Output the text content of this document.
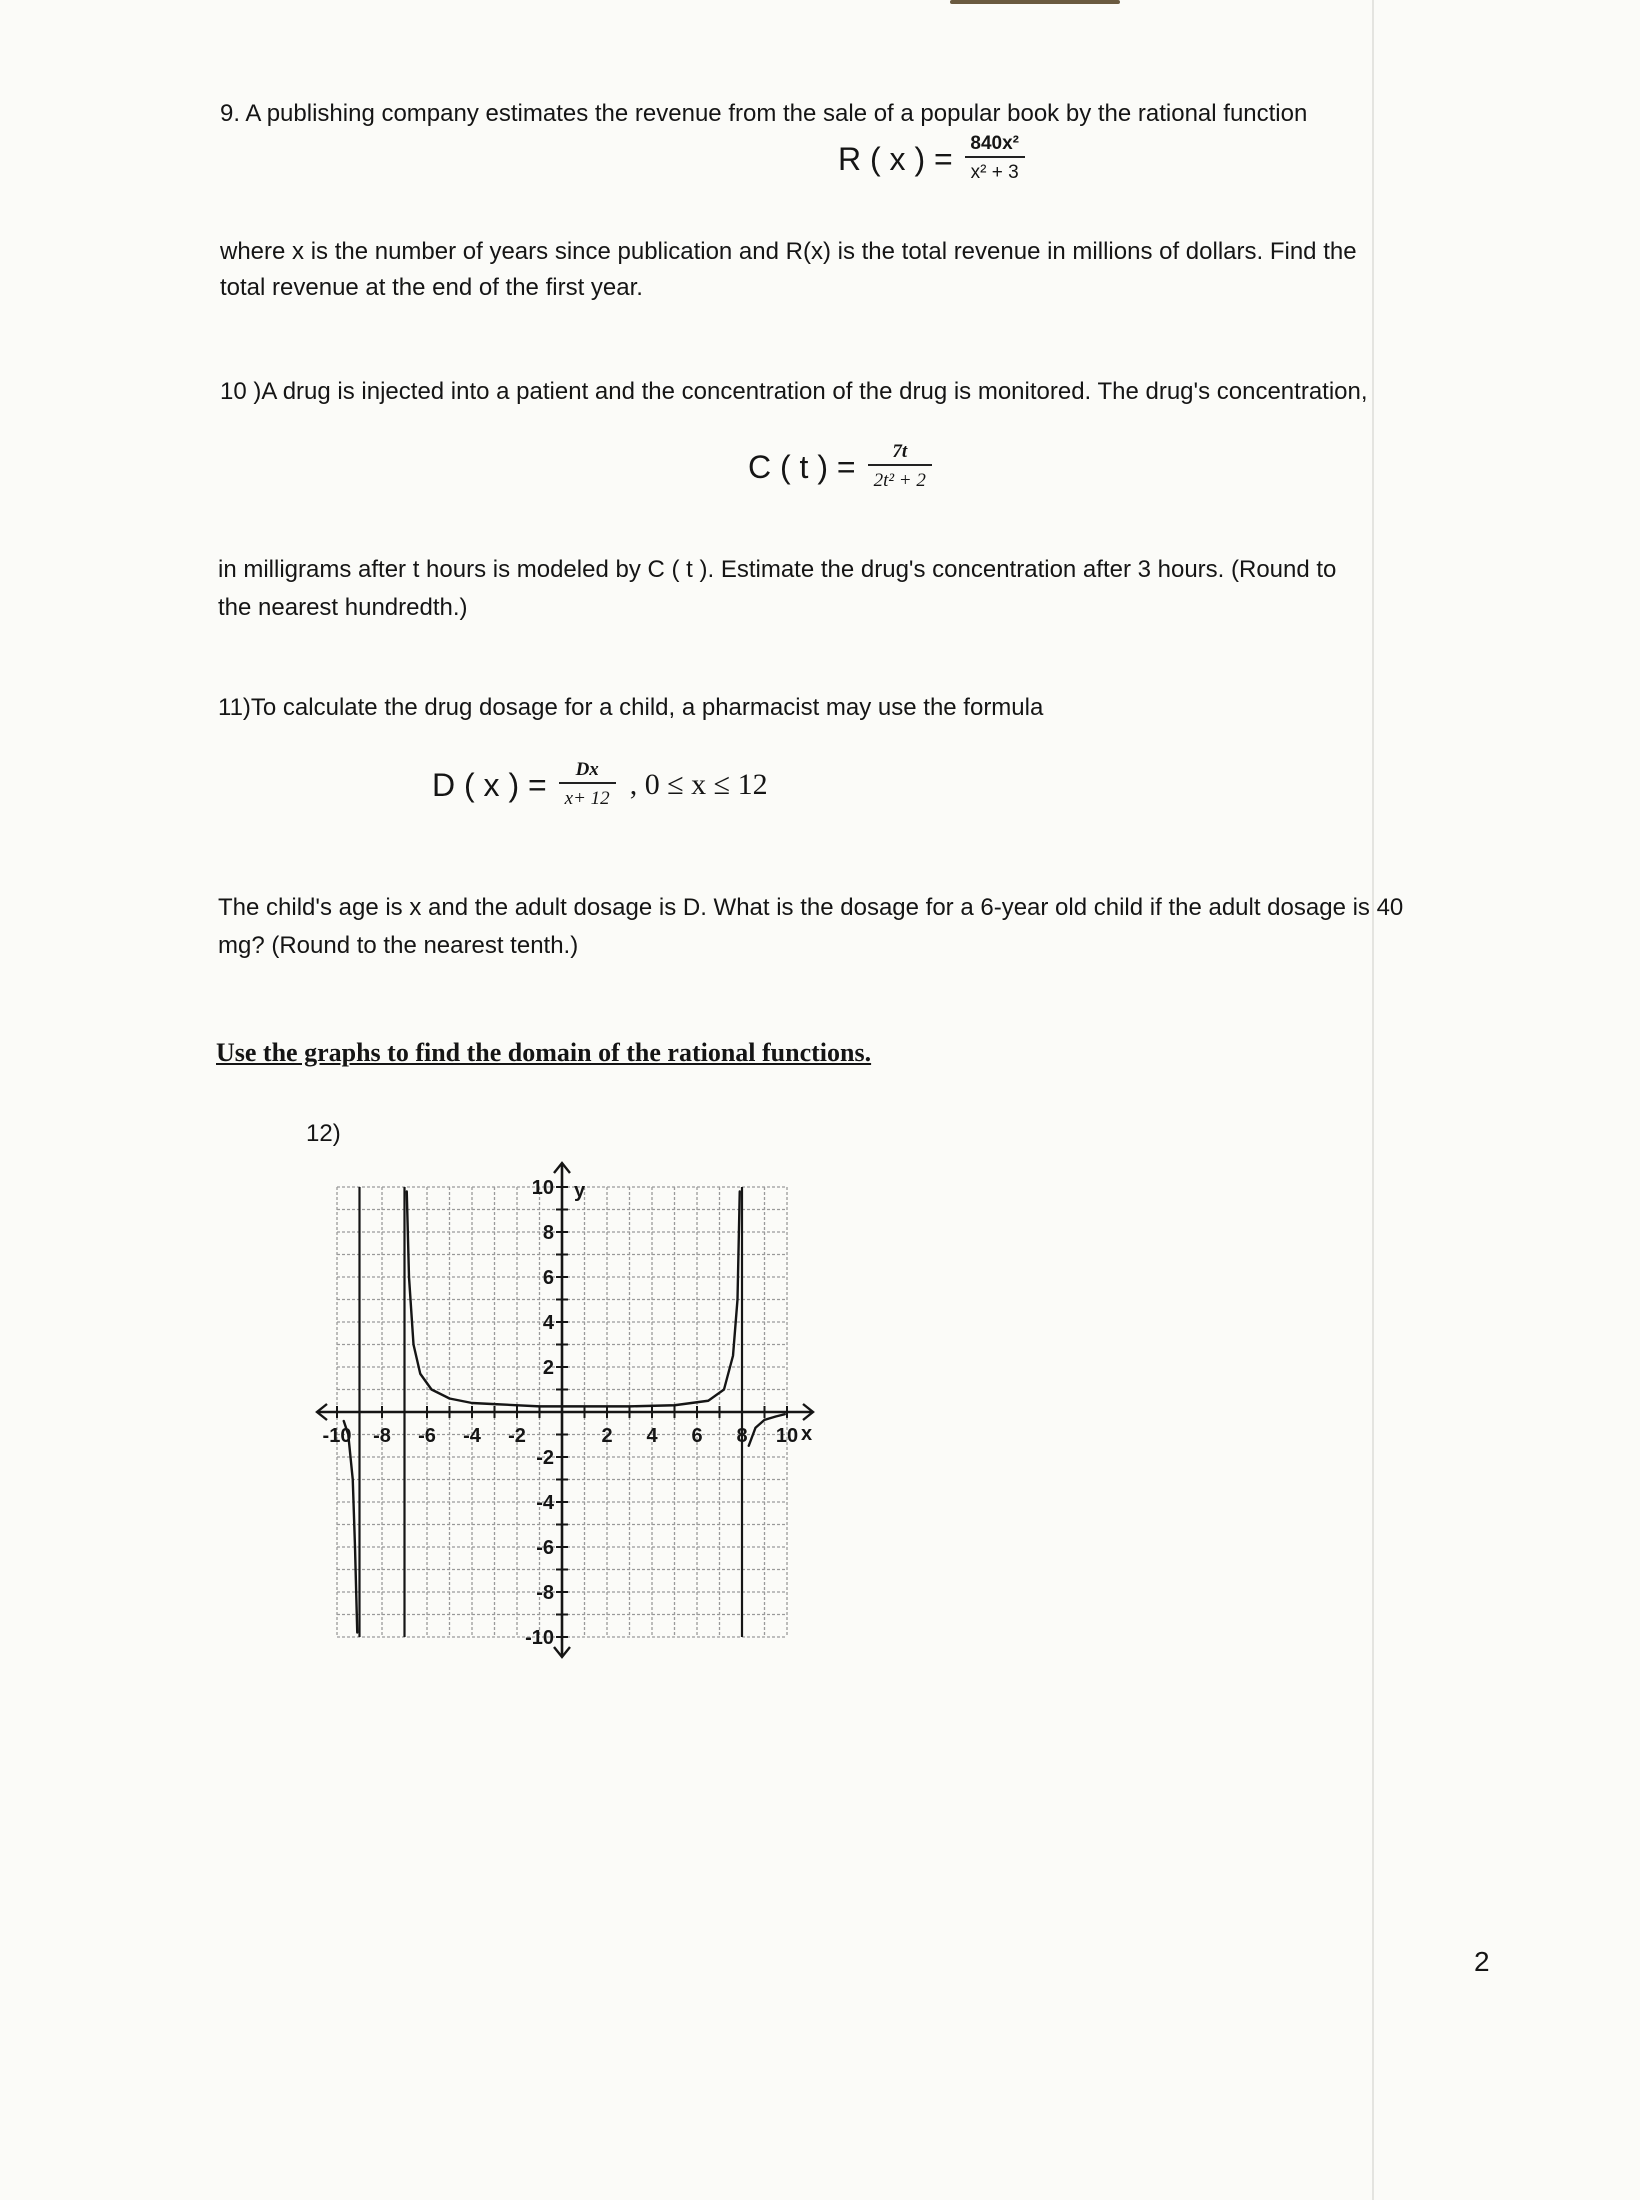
9. A publishing company estimates the revenue from the sale of a popular book by the rational function
R ( x ) = $\frac{\text{840x²}}{\text{x² + 3}}$
where x is the number of years since publication and R(x) is the total revenue in millions of dollars. Find the
total revenue at the end of the first year.
10 )A drug is injected into a patient and the concentration of the drug is monitored. The drug's concentration,
C ( t ) = $\frac{7t}{\text{2t² + 2}}$
in milligrams after t hours is modeled by C ( t ). Estimate the drug's concentration after 3 hours. (Round to
the nearest hundredth.)
11)To calculate the drug dosage for a child, a pharmacist may use the formula
D ( x ) = $\frac{Dx}{x+ 12}$ , 0 ≤ x ≤ 12
The child's age is x and the adult dosage is D. What is the dosage for a 6-year old child if the adult dosage is 40
mg? (Round to the nearest tenth.)
Use the graphs to find the domain of the rational functions.
12)
x
y
-10 -8 -6 -4 -2	2 4 6 8 10
10
8
6
4
2
-2
-4
-6
-8
-10
2
